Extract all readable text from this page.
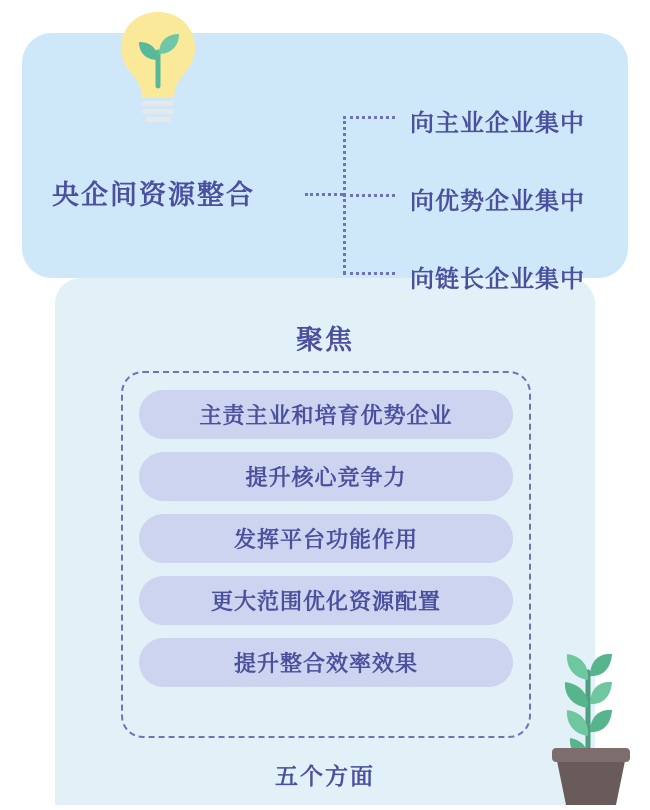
聚焦
主责主业和培育优势企业
提升核心竞争力
发挥平台功能作用
更大范围优化资源配置
提升整合效率效果
五个方面
央企间资源整合
向主业企业集中
向优势企业集中
向链长企业集中
